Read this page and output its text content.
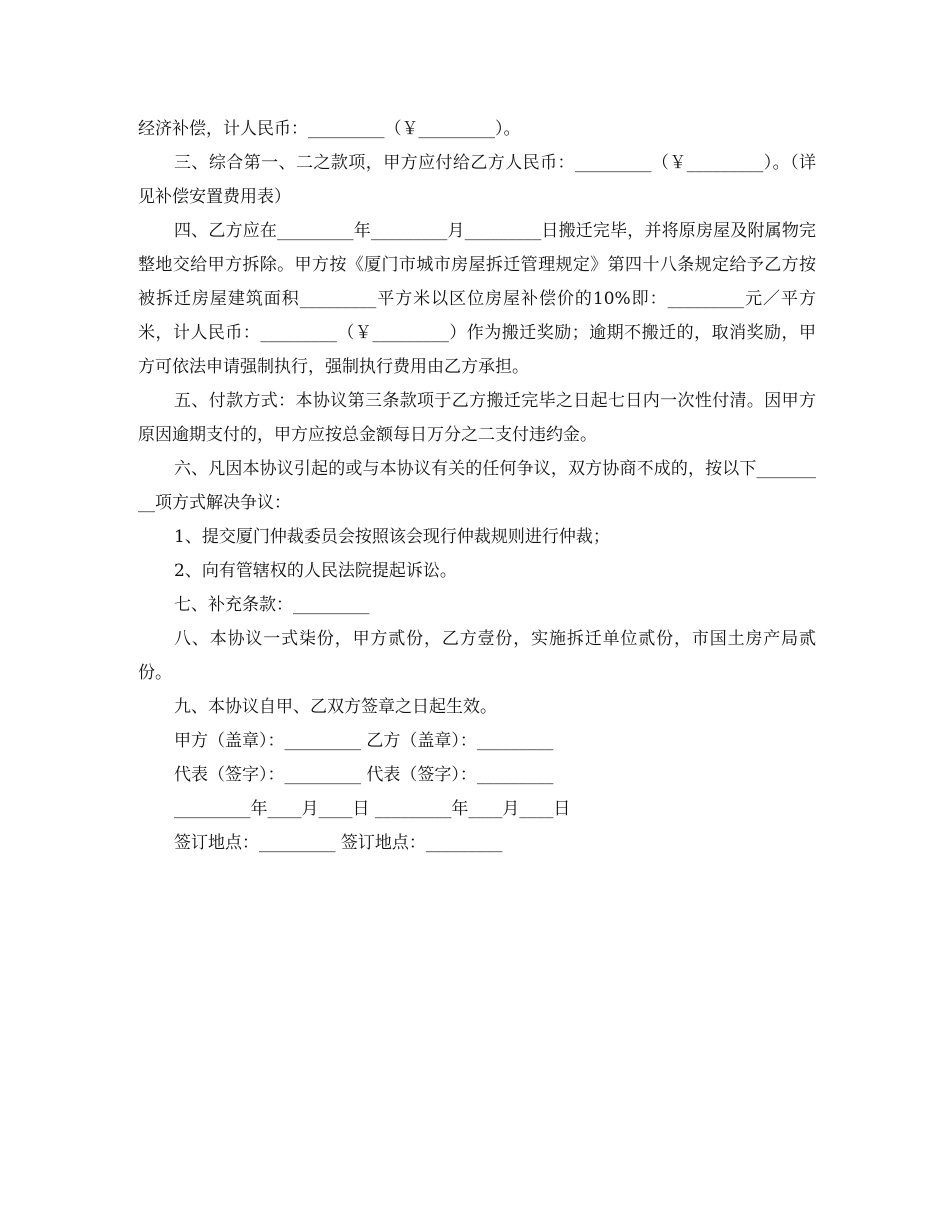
经济补偿，计人民币：_________（￥_________）。
三、综合第一、二之款项，甲方应付给乙方人民币：_________（￥_________）。（详见补偿安置费用表）
四、乙方应在_________年_________月_________日搬迁完毕，并将原房屋及附属物完整地交给甲方拆除。甲方按《厦门市城市房屋拆迁管理规定》第四十八条规定给予乙方按被拆迁房屋建筑面积_________平方米以区位房屋补偿价的10%即：_________元／平方米，计人民币：_________（￥_________）作为搬迁奖励；逾期不搬迁的，取消奖励，甲方可依法申请强制执行，强制执行费用由乙方承担。
五、付款方式：本协议第三条款项于乙方搬迁完毕之日起七日内一次性付清。因甲方原因逾期支付的，甲方应按总金额每日万分之二支付违约金。
六、凡因本协议引起的或与本协议有关的任何争议，双方协商不成的，按以下_________项方式解决争议：
1、提交厦门仲裁委员会按照该会现行仲裁规则进行仲裁；
2、向有管辖权的人民法院提起诉讼。
七、补充条款：_________
八、本协议一式柒份，甲方贰份，乙方壹份，实施拆迁单位贰份，市国土房产局贰份。
九、本协议自甲、乙双方签章之日起生效。
甲方（盖章）：_________ 乙方（盖章）：_________
代表（签字）：_________ 代表（签字）：_________
_________年____月____日 _________年____月____日
签订地点：_________ 签订地点：_________
